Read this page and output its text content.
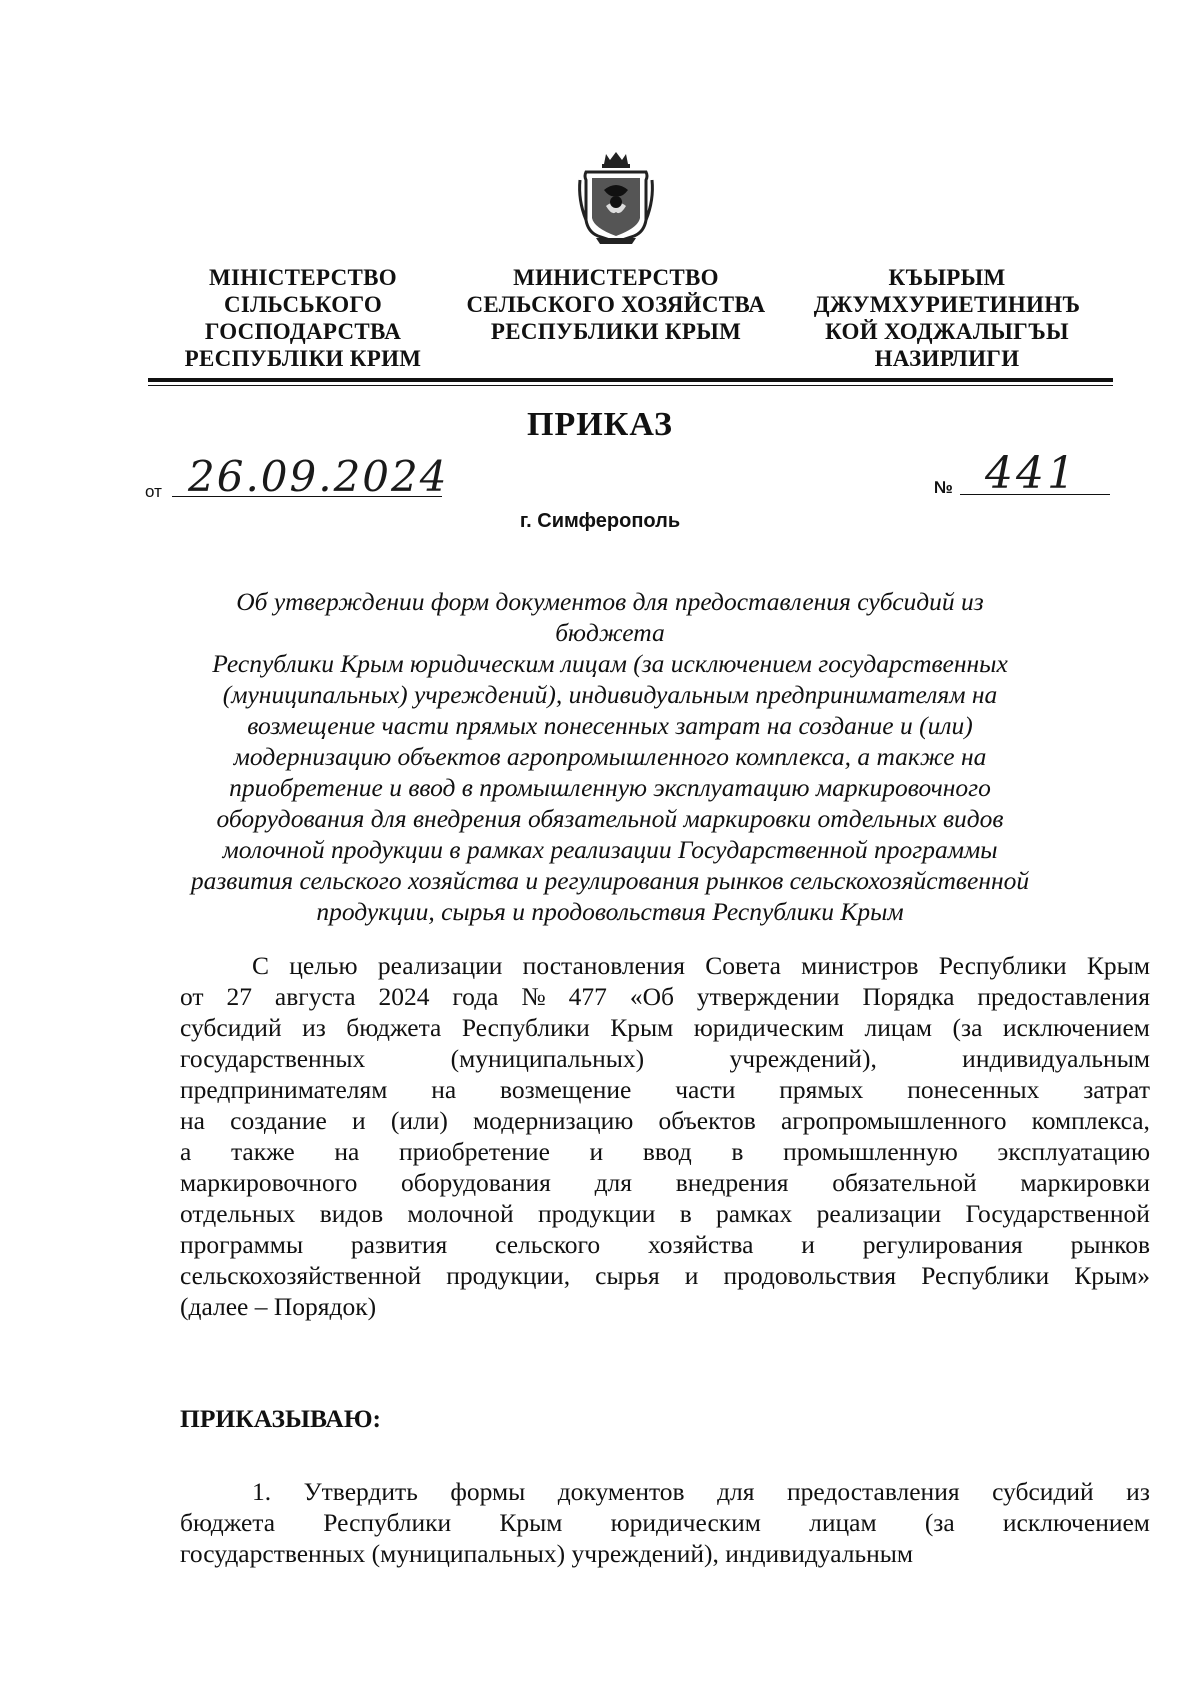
МІНІСТЕРСТВО
СІЛЬСЬКОГО
ГОСПОДАРСТВА
РЕСПУБЛІКИ КРИМ
МИНИСТЕРСТВО
СЕЛЬСКОГО ХОЗЯЙСТВА
РЕСПУБЛИКИ КРЫМ
КЪЫРЫМ
ДЖУМХУРИЕТИНИНЪ
КОЙ ХОДЖАЛЫГЪЫ
НАЗИРЛИГИ
ПРИКАЗ
от 26.09.2024	№ 441
г. Симферополь
Об утверждении форм документов для предоставления субсидий из бюджета
Республики Крым юридическим лицам (за исключением государственных
(муниципальных) учреждений), индивидуальным предпринимателям на
возмещение части прямых понесенных затрат на создание и (или)
модернизацию объектов агропромышленного комплекса, а также на
приобретение и ввод в промышленную эксплуатацию маркировочного
оборудования для внедрения обязательной маркировки отдельных видов
молочной продукции в рамках реализации Государственной программы
развития сельского хозяйства и регулирования рынков сельскохозяйственной
продукции, сырья и продовольствия Республики Крым
С целью реализации постановления Совета министров Республики Крым
от 27 августа 2024 года № 477 «Об утверждении Порядка предоставления
субсидий из бюджета Республики Крым юридическим лицам (за исключением
государственных	(муниципальных)	учреждений),	индивидуальным
предпринимателям на возмещение части прямых понесенных затрат
на создание и (или) модернизацию объектов агропромышленного комплекса,
а также на приобретение и ввод в промышленную эксплуатацию
маркировочного оборудования для внедрения обязательной маркировки
отдельных видов молочной продукции в рамках реализации Государственной
программы развития сельского хозяйства и регулирования рынков
сельскохозяйственной продукции, сырья и продовольствия Республики Крым»
(далее – Порядок)
ПРИКАЗЫВАЮ:
1. Утвердить формы документов для предоставления субсидий из
бюджета Республики Крым юридическим лицам (за исключением
государственных (муниципальных) учреждений), индивидуальным
